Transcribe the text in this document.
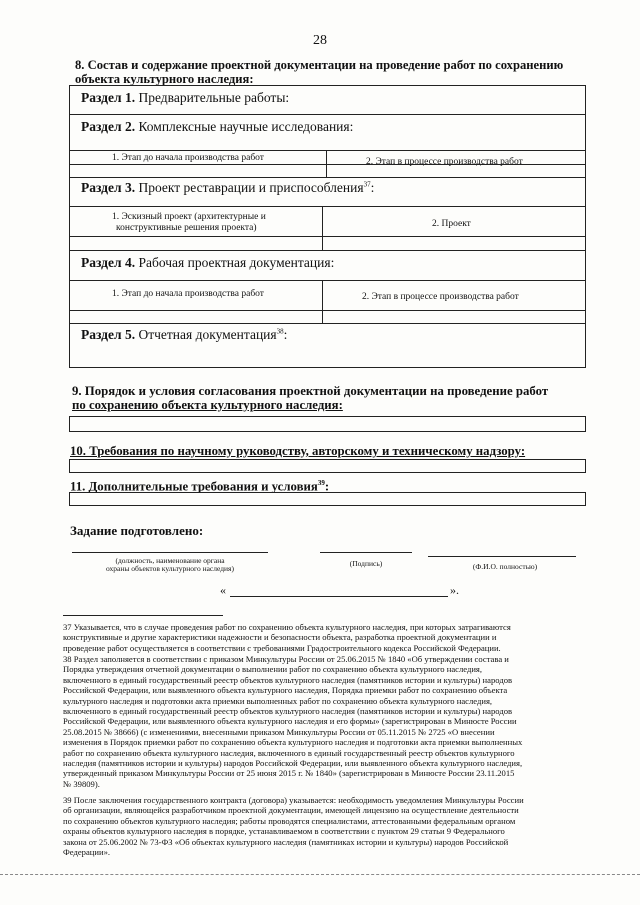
28
8. Состав и содержание проектной документации на проведение работ по сохранению
объекта культурного наследия:
Раздел 1. Предварительные работы:
Раздел 2. Комплексные научные исследования:
1. Этап до начала производства работ	2. Этап в процессе производства работ
Раздел 3. Проект реставрации и приспособления$^{37}$:
1. Эскизный проект (архитектурные и
конструктивные решения проекта)	2. Проект
Раздел 4. Рабочая проектная документация:
1. Этап до начала производства работ	2. Этап в процессе производства работ
Раздел 5. Отчетная документация$^{38}$:
9. Порядок и условия согласования проектной документации на проведение работ
по сохранению объекта культурного наследия:
10. Требования по научному руководству, авторскому и техническому надзору:
11. Дополнительные требования и условия$^{39}$:
Задание подготовлено:
(должность, наименование органа
охраны объектов культурного наследия)
(Подпись)	(Ф.И.О. полностью)
«	».
37 Указывается, что в случае проведения работ по сохранению объекта культурного наследия, при которых затрагиваются
конструктивные и другие характеристики надежности и безопасности объекта, разработка проектной документации и
проведение работ осуществляется в соответствии с требованиями Градостроительного кодекса Российской Федерации.
38 Раздел заполняется в соответствии с приказом Минкультуры России от 25.06.2015 № 1840 «Об утверждении состава и
Порядка утверждения отчетной документации о выполнении работ по сохранению объекта культурного наследия,
включенного в единый государственный реестр объектов культурного наследия (памятников истории и культуры) народов
Российской Федерации, или выявленного объекта культурного наследия, Порядка приемки работ по сохранению объекта
культурного наследия и подготовки акта приемки выполненных работ по сохранению объекта культурного наследия,
включенного в единый государственный реестр объектов культурного наследия (памятников истории и культуры) народов
Российской Федерации, или выявленного объекта культурного наследия и его формы» (зарегистрирован в Минюсте России
25.08.2015 № 38666) (с изменениями, внесенными приказом Минкультуры России от 05.11.2015 № 2725 «О внесении
изменения в Порядок приемки работ по сохранению объекта культурного наследия и подготовки акта приемки выполненных
работ по сохранению объекта культурного наследия, включенного в единый государственный реестр объектов культурного
наследия (памятников истории и культуры) народов Российской Федерации, или выявленного объекта культурного наследия,
утвержденный приказом Минкультуры России от 25 июня 2015 г. № 1840» (зарегистрирован в Минюсте России 23.11.2015
№ 39809).
39 После заключения государственного контракта (договора) указывается: необходимость уведомления Минкультуры России
об организации, являющейся разработчиком проектной документации, имеющей лицензию на осуществление деятельности
по сохранению объектов культурного наследия; работы проводятся специалистами, аттестованными федеральным органом
охраны объектов культурного наследия в порядке, устанавливаемом в соответствии с пунктом 29 статьи 9 Федерального
закона от 25.06.2002 № 73-ФЗ «Об объектах культурного наследия (памятниках истории и культуры) народов Российской
Федерации».
